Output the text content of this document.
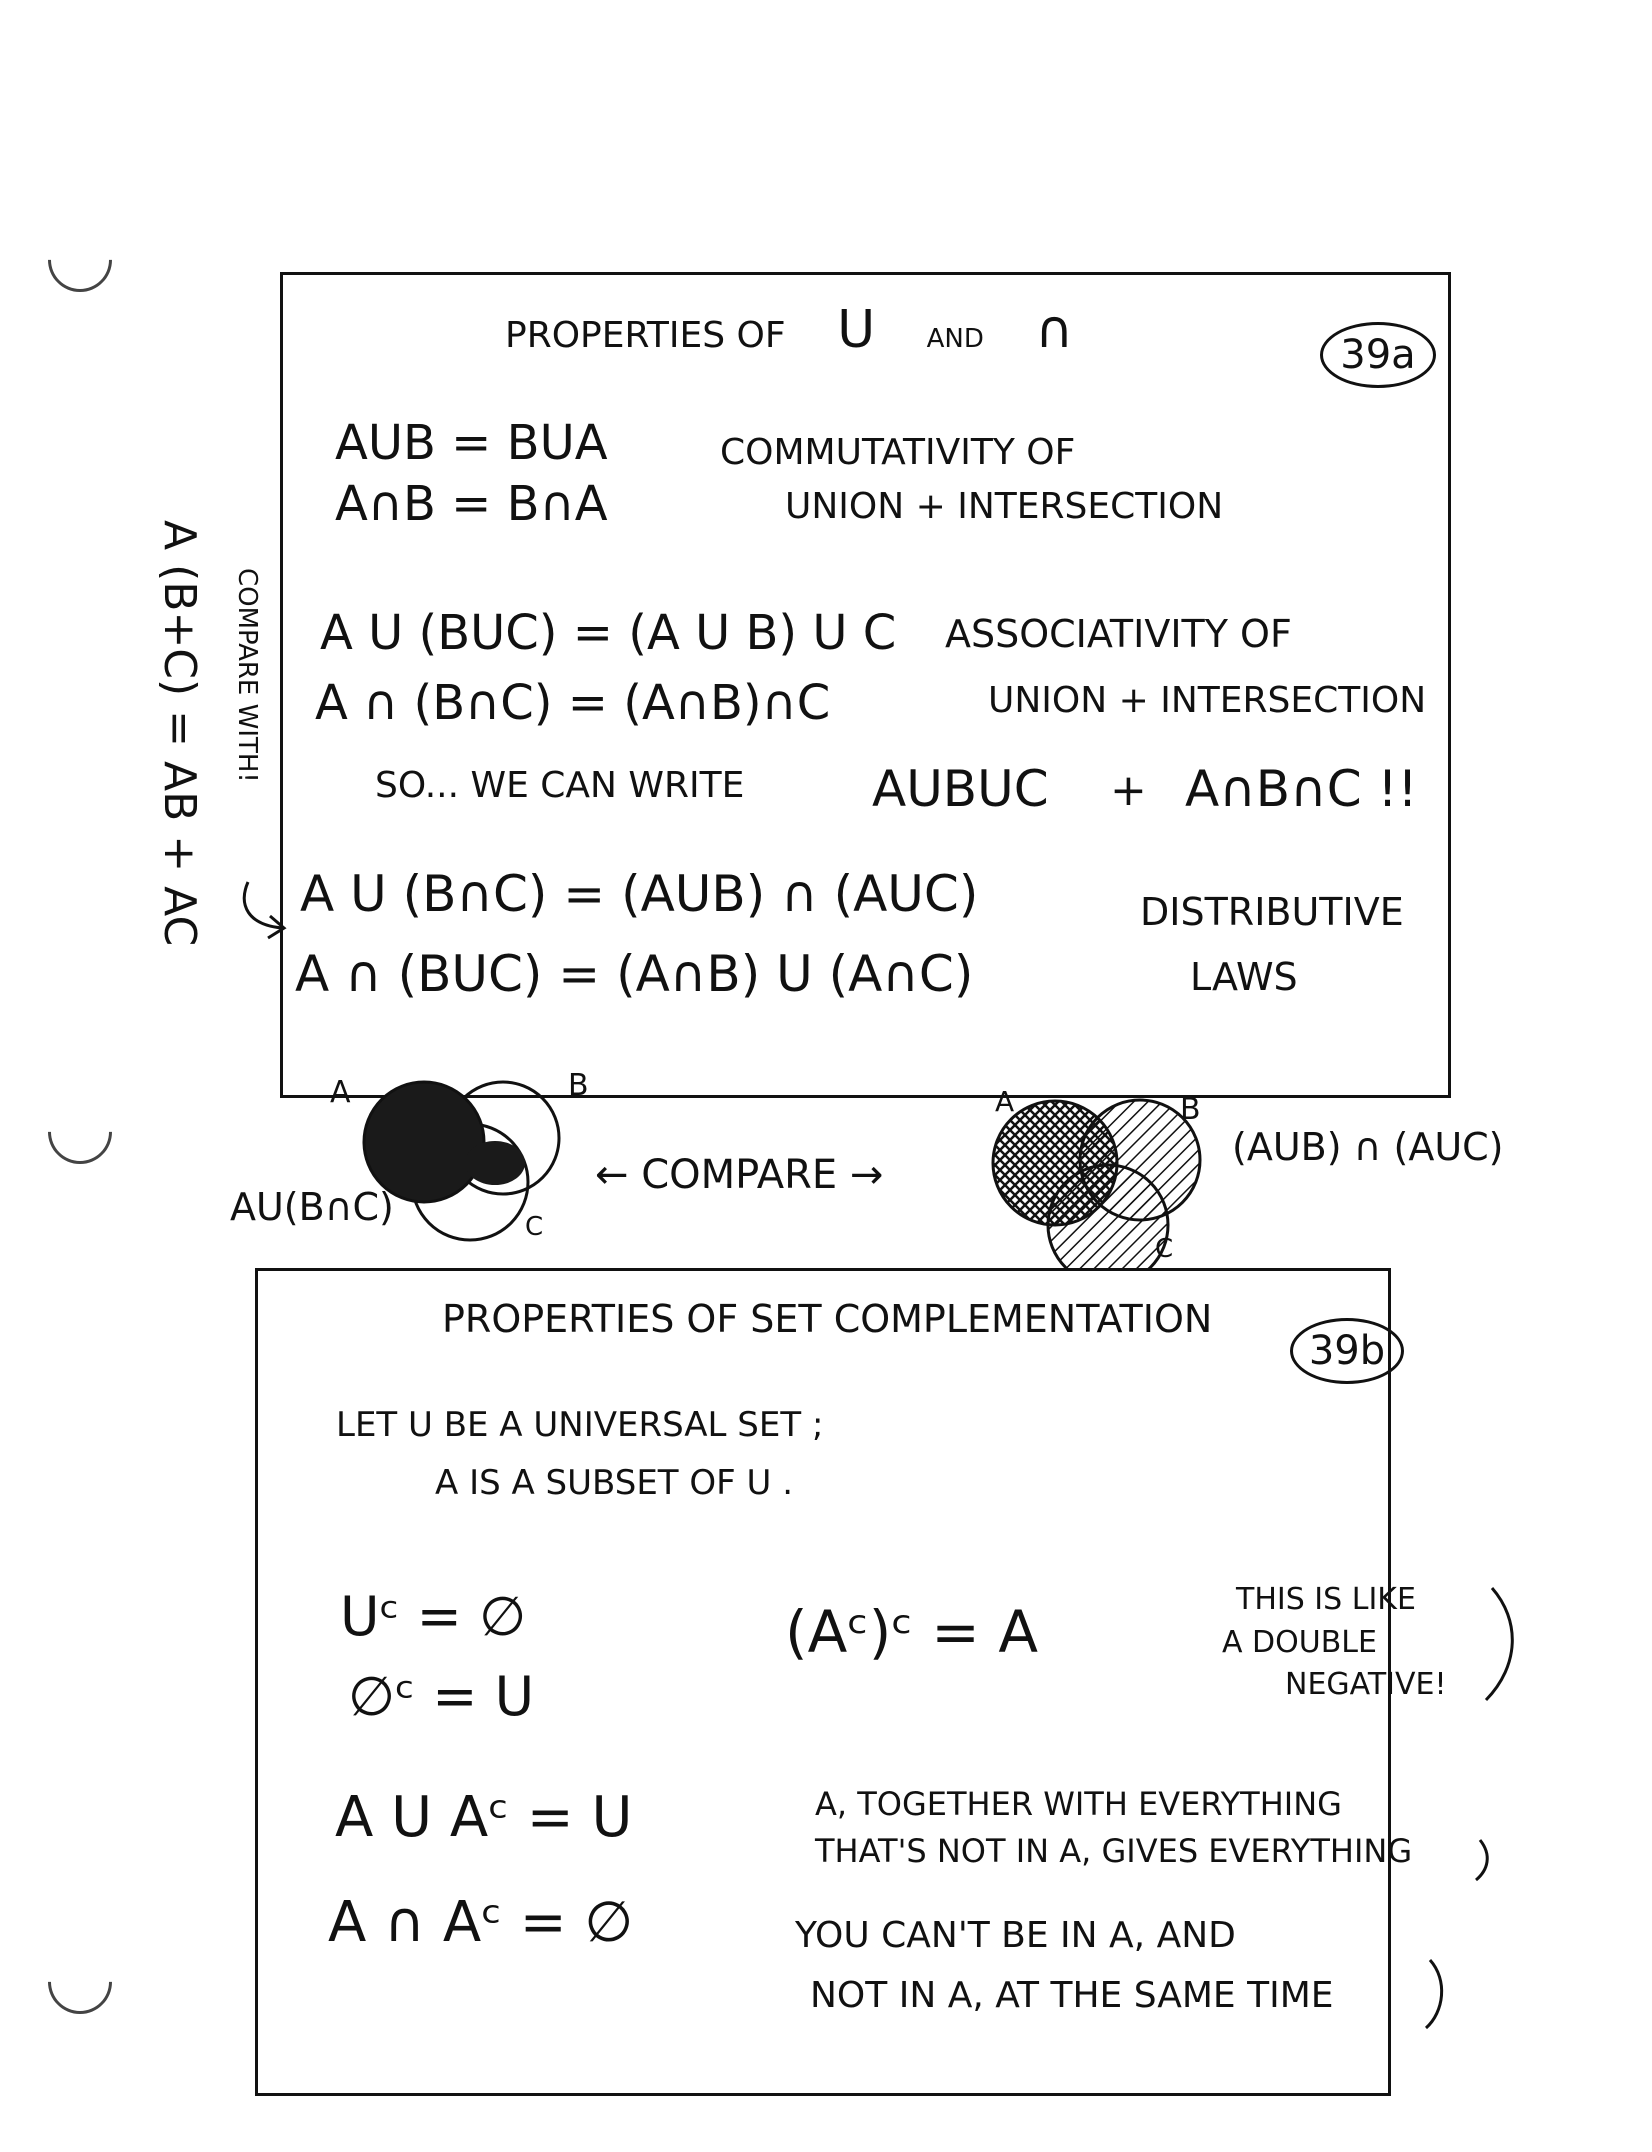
PROPERTIES OF U AND ∩	39a
AUB = BUA
A∩B = B∩A
COMMUTATIVITY OF
UNION + INTERSECTION
A U (BUC) = (A U B) U C
A ∩ (B∩C) = (A∩B)∩C
ASSOCIATIVITY OF
UNION + INTERSECTION
SO... WE CAN WRITE	AUBUC + A∩B∩C !!
A U (B∩C) = (AUB) ∩ (AUC)
A ∩ (BUC) = (A∩B) U (A∩C)
DISTRIBUTIVE
LAWS
COMPARE WITH!
A (B+C) = AB + AC
A	B
C
AU(B∩C)
← COMPARE →
A	B
C
(AUB) ∩ (AUC)
PROPERTIES OF SET COMPLEMENTATION
39b
LET U BE A UNIVERSAL SET ;
A IS A SUBSET OF U .
Uᶜ = ∅
∅ᶜ = U
(Aᶜ)ᶜ = A	THIS IS LIKE
A DOUBLE
NEGATIVE!
A U Aᶜ = U	A, TOGETHER WITH EVERYTHING
THAT'S NOT IN A, GIVES EVERYTHING
A ∩ Aᶜ = ∅	YOU CAN'T BE IN A, AND
NOT IN A, AT THE SAME TIME
